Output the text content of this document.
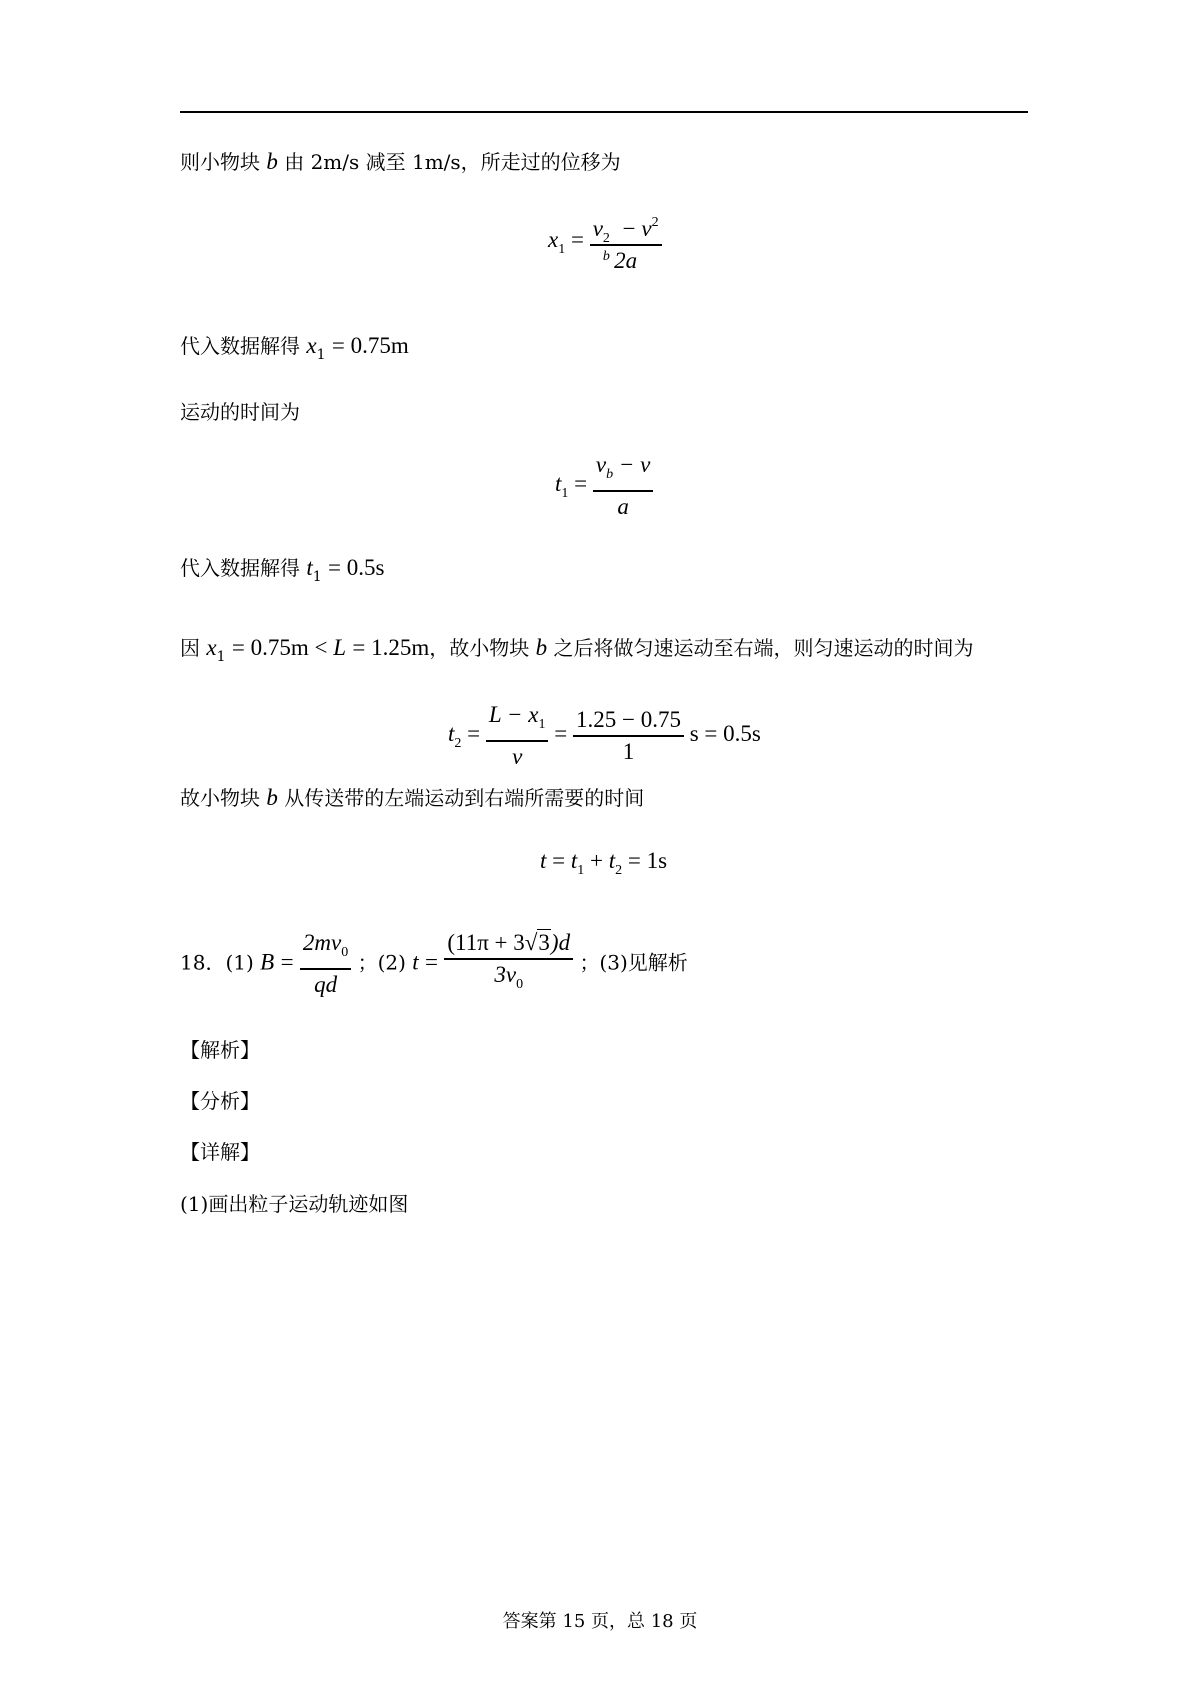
则小物块 b 由 2m/s 减至 1m/s，所走过的位移为
$x_1 = v$ 2
b
− $v^2$
2a
代入数据解得 $x_1 = 0.75m$
运动的时间为
$t_1 = \frac{v_b - v}{a}$
代入数据解得 $t_1 = 0.5s$
因 $x_1 = 0.75m < L = 1.25m$，故小物块 b 之后将做匀速运动至右端，则匀速运动的时间为
$t_2 = \frac{L - x_1}{v} = \frac{1.25 - 0.75}{1}$ s = 0.5s
故小物块 b 从传送带的左端运动到右端所需要的时间
$t = t_1 + t_2 = 1s$
18．(1) $B = \frac{2mv_0}{qd}$ ；(2) $t = \frac{(11\pi + 3√3)d}{3v_0}$ ；(3)见解析
【解析】
【分析】
【详解】
(1)画出粒子运动轨迹如图
答案第 15 页，总 18 页
